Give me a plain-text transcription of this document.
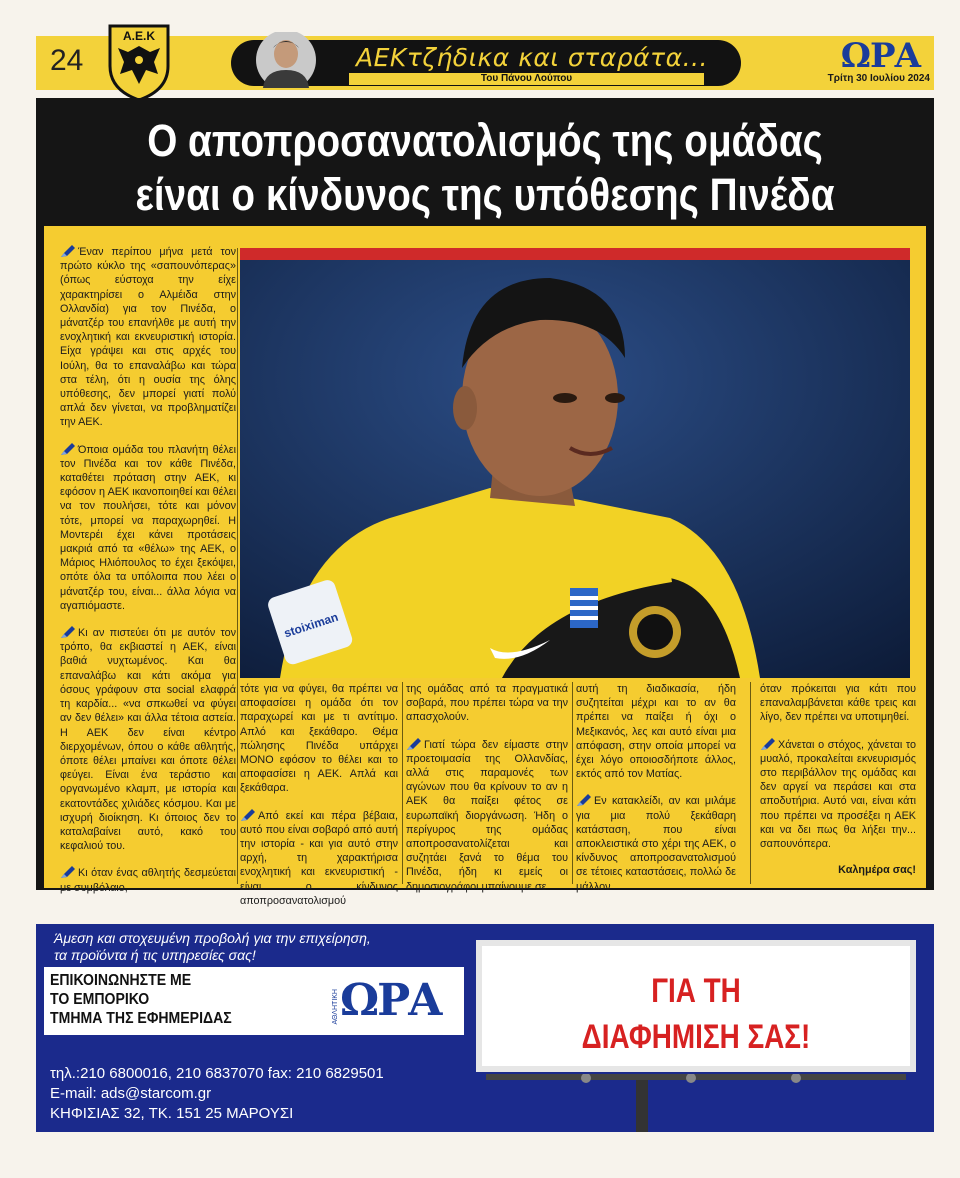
24
Α.Ε.Κ
ΑΕΚτζήδικα και σταράτα...
Του Πάνου Λούπου
ΩΡΑ
Τρίτη 30 Ιουλίου 2024
Ο αποπροσανατολισμός της ομάδας
είναι ο κίνδυνος της υπόθεσης Πινέδα

Έναν περίπου μήνα μετά τον πρώτο κύκλο της «σαπουνόπερας» (όπως εύστοχα την είχε χαρακτηρίσει ο Αλμέιδα στην Ολλανδία) για τον Πινέδα, ο μάνατζέρ του επανήλθε με αυτή την ενοχλητική και εκνευριστική ιστορία. Είχα γράψει και στις αρχές του Ιούλη, θα το επαναλάβω και τώρα στα τέλη, ότι η ουσία της όλης υπόθεσης, δεν μπορεί γιατί πολύ απλά δεν γίνεται, να προβληματίζει την ΑΕΚ.

Όποια ομάδα του πλανήτη θέλει τον Πινέδα και τον κάθε Πινέδα, καταθέτει πρόταση στην ΑΕΚ, κι εφόσον η ΑΕΚ ικανοποιηθεί και θέλει να τον πουλήσει, τότε και μόνον τότε, μπορεί να παραχωρηθεί. Η Μοντερέι έχει κάνει προτάσεις μακριά από τα «θέλω» της ΑΕΚ, ο Μάριος Ηλιόπουλος το έχει ξεκόψει, οπότε όλα τα υπόλοιπα που λέει ο μάνατζέρ του, είναι... άλλα λόγια να αγαπιόμαστε.

Κι αν πιστεύει ότι με αυτόν τον τρόπο, θα εκβιαστεί η ΑΕΚ, είναι βαθιά νυχτωμένος. Και θα επαναλάβω και κάτι ακόμα για όσους γράφουν στα social ελαφρά τη καρδία... «να σπκωθεί να φύγει αν δεν θέλει» και άλλα τέτοια αστεία. Η ΑΕΚ δεν είναι κέντρο διερχομένων, όπου ο κάθε αθλητής, όποτε θέλει μπαίνει και όποτε θέλει φεύγει. Είναι ένα τεράστιο και οργανωμένο κλαμπ, με ιστορία και εκατοντάδες χιλιάδες κόσμου. Και με ισχυρή διοίκηση. Κι όποιος δεν το καταλαβαίνει αυτό, κακό του κεφαλιού του.

Κι όταν ένας αθλητής δεσμεύεται με συμβόλαιο,

stoiximan

τότε για να φύγει, θα πρέπει να αποφασίσει η ομάδα ότι τον παραχωρεί και με τι αντίτιμο. Απλό και ξεκάθαρο. Θέμα πώλησης Πινέδα υπάρχει ΜΟΝΟ εφόσον το θέλει και το αποφασίσει η ΑΕΚ. Απλά και ξεκάθαρα.

Από εκεί και πέρα βέβαια, αυτό που είναι σοβαρό από αυτή την ιστορία - και για αυτό στην αρχή, τη χαρακτήρισα ενοχλητική και εκνευριστική - είναι ο κίνδυνος αποπροσανατολισμού

της ομάδας από τα πραγματικά σοβαρά, που πρέπει τώρα να την απασχολούν.

Γιατί τώρα δεν είμαστε στην προετοιμασία της Ολλανδίας, αλλά στις παραμονές των αγώνων που θα κρίνουν το αν η ΑΕΚ θα παίξει φέτος σε ευρωπαϊκή διοργάνωση. Ήδη ο περίγυρος της ομάδας αποπροσανατολίζεται και συζητάει ξανά το θέμα του Πινέδα, ήδη κι εμείς οι δημοσιογράφοι μπαίνουμε σε

αυτή τη διαδικασία, ήδη συζητείται μέχρι και το αν θα πρέπει να παίξει ή όχι ο Μεξικανός, λες και αυτό είναι μια απόφαση, στην οποία μπορεί να έχει λόγο οποιοσδήποτε άλλος, εκτός από τον Ματίας.

Εν κατακλείδι, αν και μιλάμε για μια πολύ ξεκάθαρη κατάσταση, που είναι αποκλειστικά στο χέρι της ΑΕΚ, ο κίνδυνος αποπροσανατολισμού σε τέτοιες καταστάσεις, πολλώ δε μάλλον

όταν πρόκειται για κάτι που επαναλαμβάνεται κάθε τρεις και λίγο, δεν πρέπει να υποτιμηθεί.

Χάνεται ο στόχος, χάνεται το μυαλό, προκαλείται εκνευρισμός στο περιβάλλον της ομάδας και δεν αργεί να περάσει και στα αποδυτήρια. Αυτό ναι, είναι κάτι που πρέπει να προσέξει η ΑΕΚ και να δει πως θα λήξει την... σαπουνόπερα.

Καλημέρα σας!
Άμεση και στοχευμένη προβολή για την επιχείρηση,
τα προϊόντα ή τις υπηρεσίες σας!
ΕΠΙΚΟΙΝΩΝΗΣΤΕ ΜΕ
ΤΟ ΕΜΠΟΡΙΚΟ
ΤΜΗΜΑ ΤΗΣ ΕΦΗΜΕΡΙΔΑΣ	ΑΘΛΗΤΙΚΗ ΩΡΑ
τηλ.:210 6800016, 210 6837070 fax: 210 6829501
E-mail: ads@starcom.gr
ΚΗΦΙΣΙΑΣ 32, ΤΚ. 151 25 ΜΑΡΟΥΣΙ
ΓΙΑ ΤΗ
ΔΙΑΦΗΜΙΣΗ ΣΑΣ!
